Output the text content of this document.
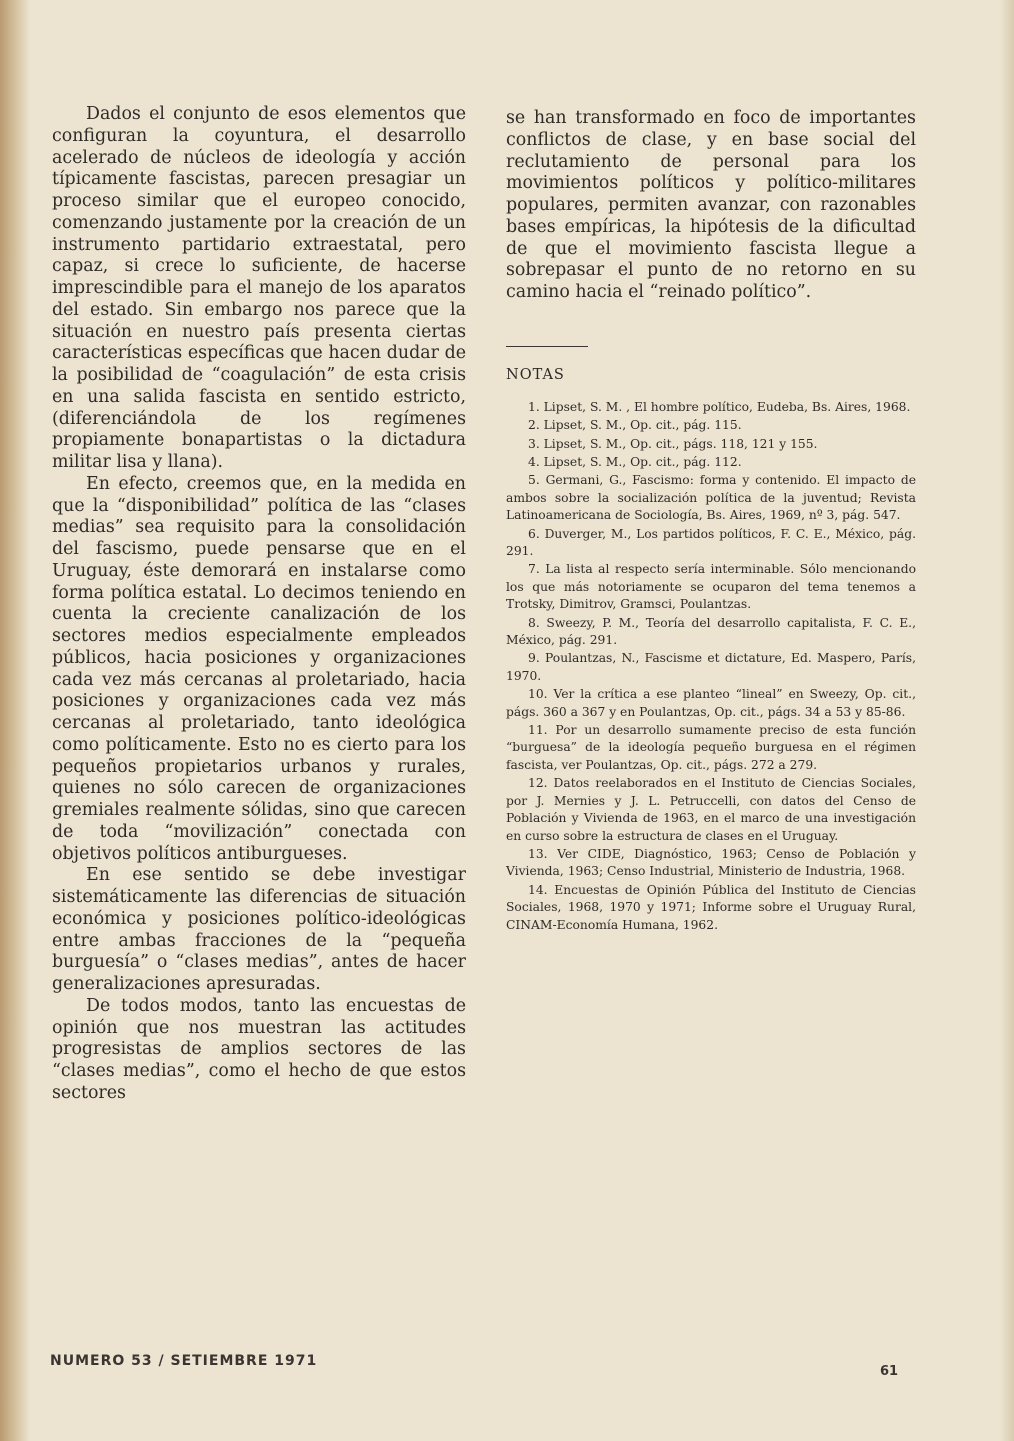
Dados el conjunto de esos elementos que configuran la coyuntura, el desarrollo acelerado de núcleos de ideología y acción típicamente fascistas, parecen presagiar un proceso similar que el europeo conocido, comenzando justamente por la creación de un instrumento partidario extraestatal, pero capaz, si crece lo suficiente, de hacerse imprescindible para el manejo de los aparatos del estado. Sin embargo nos parece que la situación en nuestro país presenta ciertas características específicas que hacen dudar de la posibilidad de “coagulación” de esta crisis en una salida fascista en sentido estricto, (diferenciándola de los regímenes propiamente bonapartistas o la dictadura militar lisa y llana).

En efecto, creemos que, en la medida en que la “disponibilidad” política de las “clases medias” sea requisito para la consolidación del fascismo, puede pensarse que en el Uruguay, éste demorará en instalarse como forma política estatal. Lo decimos teniendo en cuenta la creciente canalización de los sectores medios especialmente empleados públicos, hacia posiciones y organizaciones cada vez más cercanas al proletariado, hacia posiciones y organizaciones cada vez más cercanas al proletariado, tanto ideológica como políticamente. Esto no es cierto para los pequeños propietarios urbanos y rurales, quienes no sólo carecen de organizaciones gremiales realmente sólidas, sino que carecen de toda “movilización” conectada con objetivos políticos antiburgueses.

En ese sentido se debe investigar sistemáticamente las diferencias de situación económica y posiciones político-ideológicas entre ambas fracciones de la “pequeña burguesía” o “clases medias”, antes de hacer generalizaciones apresuradas.

De todos modos, tanto las encuestas de opinión que nos muestran las actitudes progresistas de amplios sectores de las “clases medias”, como el hecho de que estos sectores

se han transformado en foco de importantes conflictos de clase, y en base social del reclutamiento de personal para los movimientos políticos y político-militares populares, permiten avanzar, con razonables bases empíricas, la hipótesis de la dificultad de que el movimiento fascista llegue a sobrepasar el punto de no retorno en su camino hacia el “reinado político”.

NOTAS

1. Lipset, S. M. , El hombre político, Eudeba, Bs. Aires, 1968.

2. Lipset, S. M., Op. cit., pág. 115.

3. Lipset, S. M., Op. cit., págs. 118, 121 y 155.

4. Lipset, S. M., Op. cit., pág. 112.

5. Germani, G., Fascismo: forma y contenido. El impacto de ambos sobre la socialización política de la juventud; Revista Latinoamericana de Sociología, Bs. Aires, 1969, nº 3, pág. 547.

6. Duverger, M., Los partidos políticos, F. C. E., México, pág. 291.

7. La lista al respecto sería interminable. Sólo mencionando los que más notoriamente se ocuparon del tema tenemos a Trotsky, Dimitrov, Gramsci, Poulantzas.

8. Sweezy, P. M., Teoría del desarrollo capitalista, F. C. E., México, pág. 291.

9. Poulantzas, N., Fascisme et dictature, Ed. Maspero, París, 1970.

10. Ver la crítica a ese planteo “lineal” en Sweezy, Op. cit., págs. 360 a 367 y en Poulantzas, Op. cit., págs. 34 a 53 y 85-86.

11. Por un desarrollo sumamente preciso de esta función “burguesa” de la ideología pequeño burguesa en el régimen fascista, ver Poulantzas, Op. cit., págs. 272 a 279.

12. Datos reelaborados en el Instituto de Ciencias Sociales, por J. Mernies y J. L. Petruccelli, con datos del Censo de Población y Vivienda de 1963, en el marco de una investigación en curso sobre la estructura de clases en el Uruguay.

13. Ver CIDE, Diagnóstico, 1963; Censo de Población y Vivienda, 1963; Censo Industrial, Ministerio de Industria, 1968.

14. Encuestas de Opinión Pública del Instituto de Ciencias Sociales, 1968, 1970 y 1971; Informe sobre el Uruguay Rural, CINAM-Economía Humana, 1962.

NUMERO 53 / SETIEMBRE 1971
61
